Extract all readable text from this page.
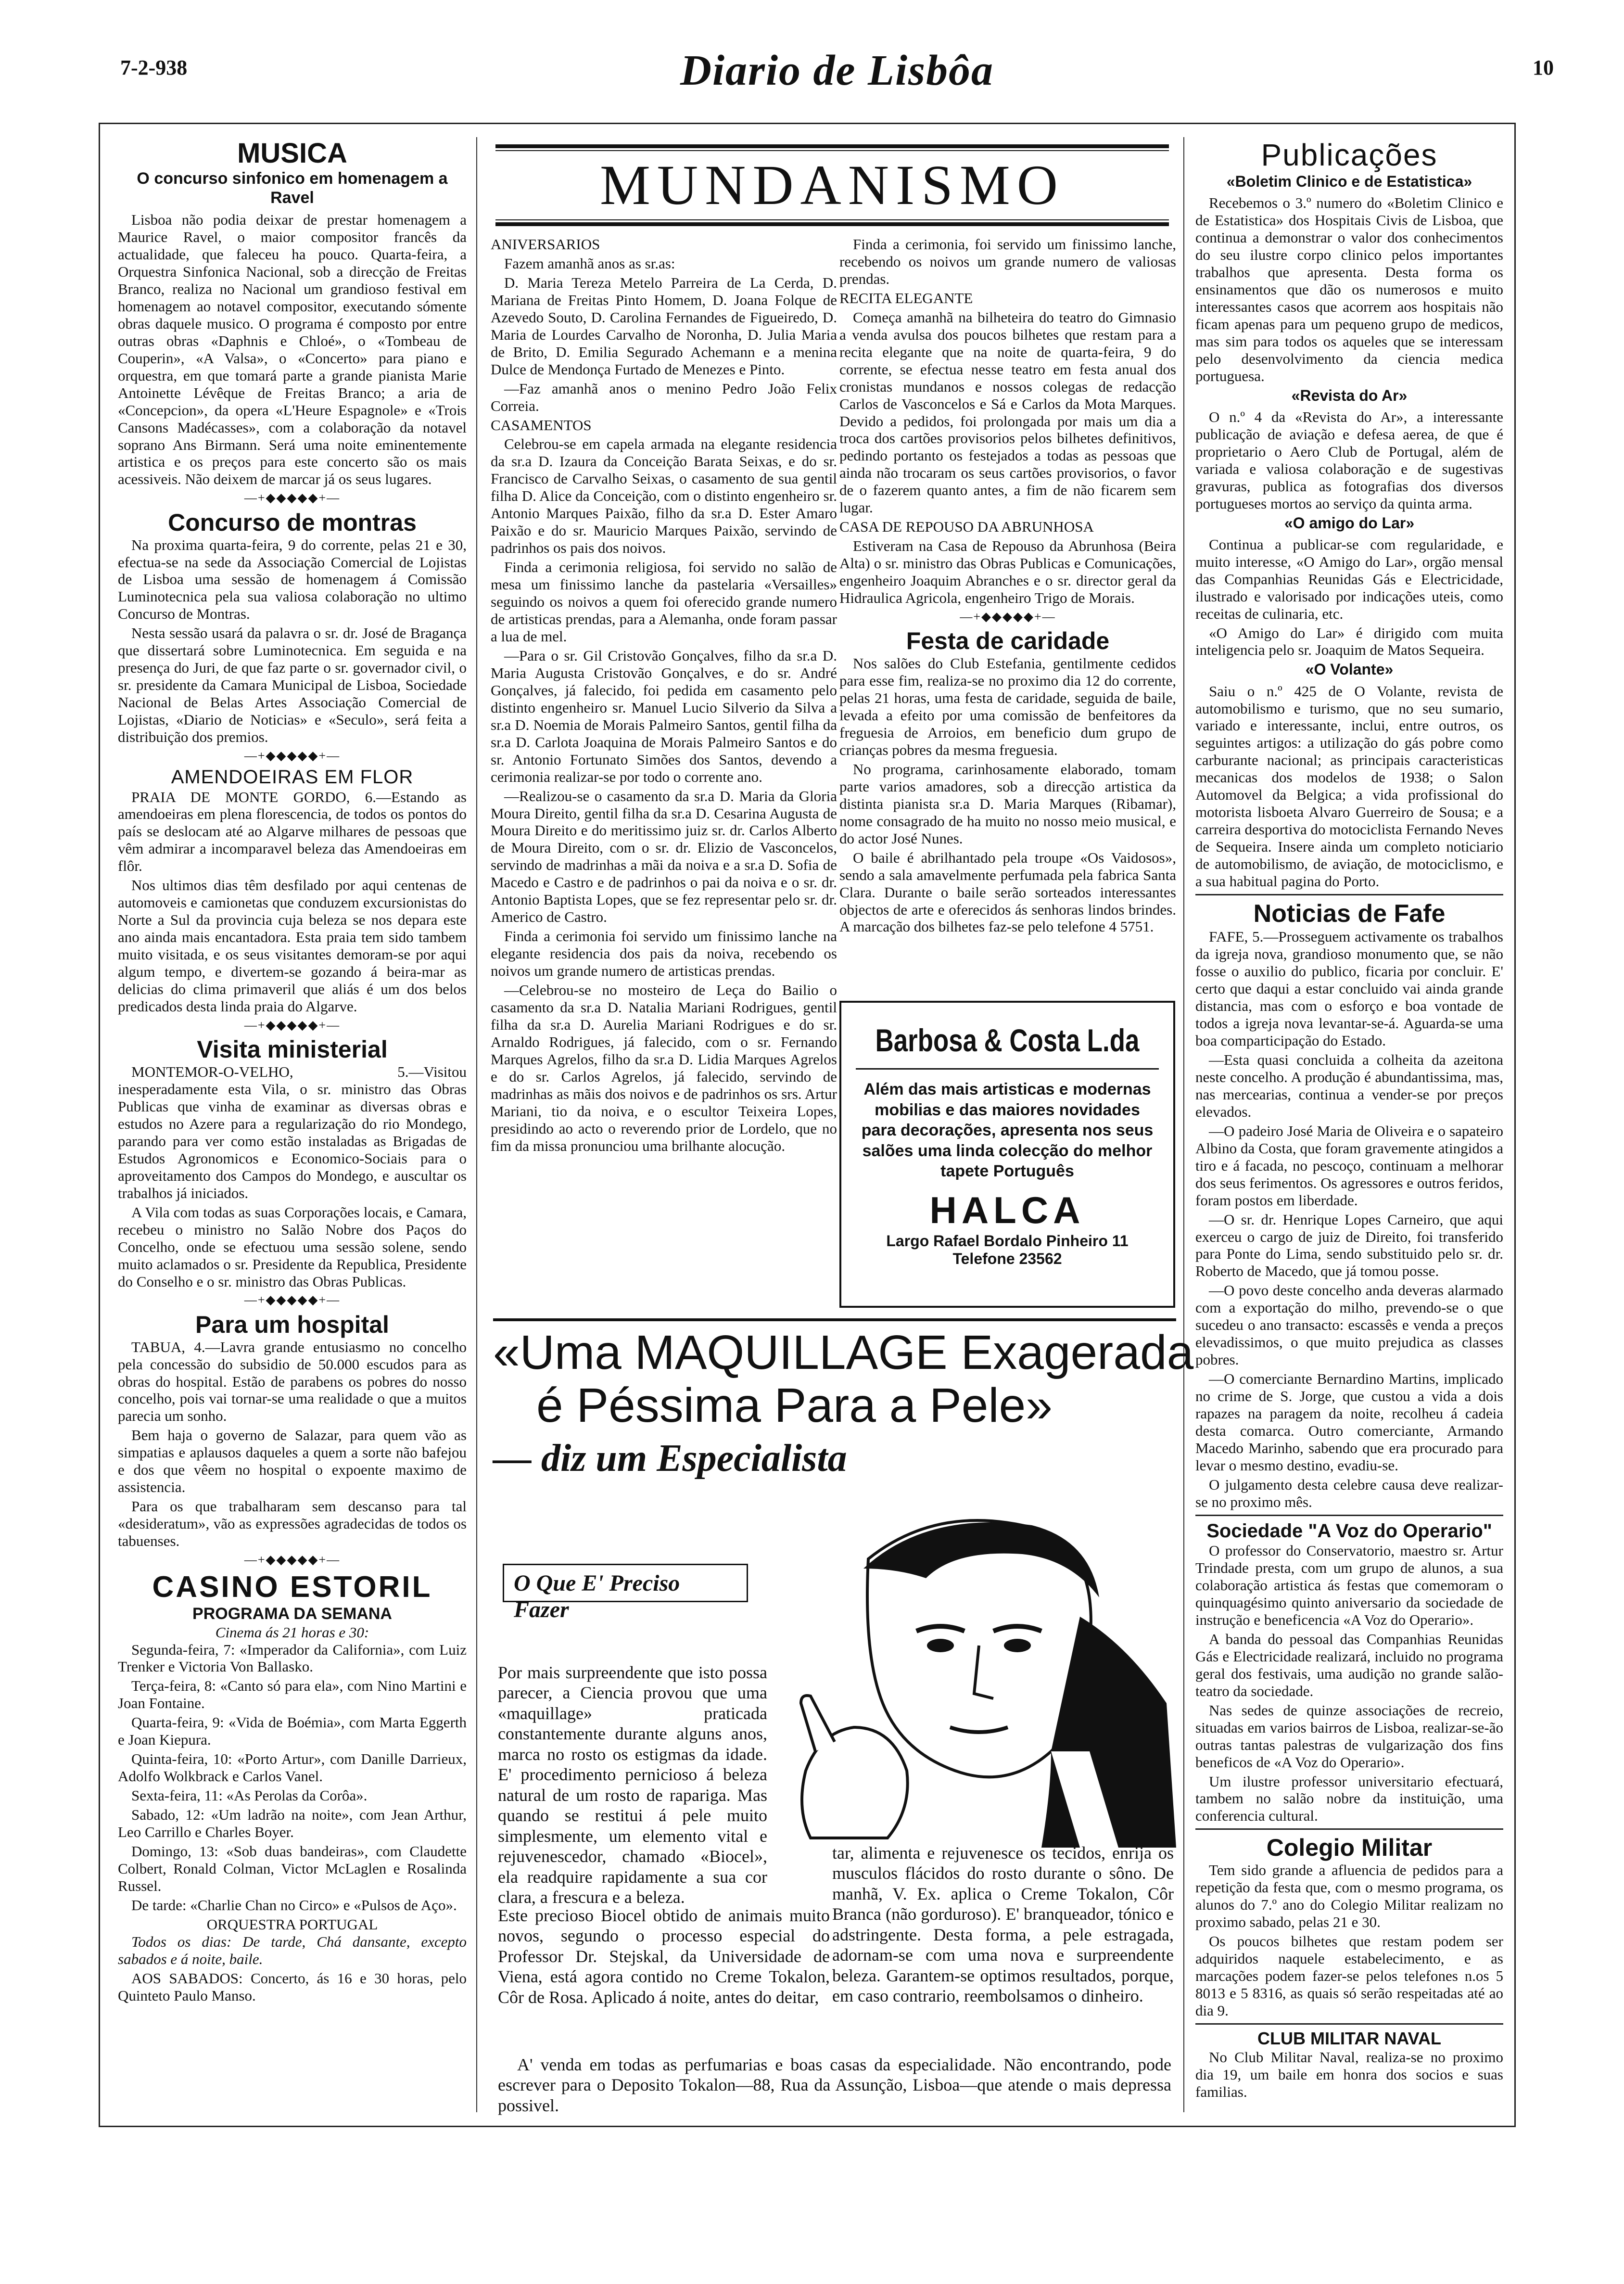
7-2-938	Diario de Lisbôa	10
MUSICA
O concurso sinfonico em homenagem a Ravel

Lisboa não podia deixar de prestar homenagem a Maurice Ravel, o maior compositor francês da actualidade, que faleceu ha pouco. Quarta-feira, a Orquestra Sinfonica Nacional, sob a direcção de Freitas Branco, realiza no Nacional um grandioso festival em homenagem ao notavel compositor, executando sómente obras daquele musico. O programa é composto por entre outras obras «Daphnis e Chloé», o «Tombeau de Couperin», «A Valsa», o «Concerto» para piano e orquestra, em que tomará parte a grande pianista Marie Antoinette Lévêque de Freitas Branco; a aria de «Concepcion», da opera «L'Heure Espagnole» e «Trois Cansons Madécasses», com a colaboração da notavel soprano Ans Birmann. Será uma noite eminentemente artistica e os preços para este concerto são os mais acessiveis. Não deixem de marcar já os seus lugares.

—+◆◆◆◆◆+—
Concurso de montras

Na proxima quarta-feira, 9 do corrente, pelas 21 e 30, efectua-se na sede da Associação Comercial de Lojistas de Lisboa uma sessão de homenagem á Comissão Luminotecnica pela sua valiosa colaboração no ultimo Concurso de Montras.

Nesta sessão usará da palavra o sr. dr. José de Bragança que dissertará sobre Luminotecnica. Em seguida e na presença do Juri, de que faz parte o sr. governador civil, o sr. presidente da Camara Municipal de Lisboa, Sociedade Nacional de Belas Artes Associação Comercial de Lojistas, «Diario de Noticias» e «Seculo», será feita a distribuição dos premios.

—+◆◆◆◆◆+—
AMENDOEIRAS EM FLOR

PRAIA DE MONTE GORDO, 6.—Estando as amendoeiras em plena florescencia, de todos os pontos do país se deslocam até ao Algarve milhares de pessoas que vêm admirar a incomparavel beleza das Amendoeiras em flôr.

Nos ultimos dias têm desfilado por aqui centenas de automoveis e camionetas que conduzem excursionistas do Norte a Sul da provincia cuja beleza se nos depara este ano ainda mais encantadora. Esta praia tem sido tambem muito visitada, e os seus visitantes demoram-se por aqui algum tempo, e divertem-se gozando á beira-mar as delicias do clima primaveril que aliás é um dos belos predicados desta linda praia do Algarve.

—+◆◆◆◆◆+—
Visita ministerial

MONTEMOR-O-VELHO, 5.—Visitou inesperadamente esta Vila, o sr. ministro das Obras Publicas que vinha de examinar as diversas obras e estudos no Azere para a regularização do rio Mondego, parando para ver como estão instaladas as Brigadas de Estudos Agronomicos e Economico-Sociais para o aproveitamento dos Campos do Mondego, e auscultar os trabalhos já iniciados.

A Vila com todas as suas Corporações locais, e Camara, recebeu o ministro no Salão Nobre dos Paços do Concelho, onde se efectuou uma sessão solene, sendo muito aclamados o sr. Presidente da Republica, Presidente do Conselho e o sr. ministro das Obras Publicas.

—+◆◆◆◆◆+—
Para um hospital

TABUA, 4.—Lavra grande entusiasmo no concelho pela concessão do subsidio de 50.000 escudos para as obras do hospital. Estão de parabens os pobres do nosso concelho, pois vai tornar-se uma realidade o que a muitos parecia um sonho.

Bem haja o governo de Salazar, para quem vão as simpatias e aplausos daqueles a quem a sorte não bafejou e dos que vêem no hospital o expoente maximo de assistencia.

Para os que trabalharam sem descanso para tal «desideratum», vão as expressões agradecidas de todos os tabuenses.

—+◆◆◆◆◆+—
CASINO ESTORIL
PROGRAMA DA SEMANA
Cinema ás 21 horas e 30:

Segunda-feira, 7: «Imperador da California», com Luiz Trenker e Victoria Von Ballasko.

Terça-feira, 8: «Canto só para ela», com Nino Martini e Joan Fontaine.

Quarta-feira, 9: «Vida de Boémia», com Marta Eggerth e Joan Kiepura.

Quinta-feira, 10: «Porto Artur», com Danille Darrieux, Adolfo Wolkbrack e Carlos Vanel.

Sexta-feira, 11: «As Perolas da Corôa».

Sabado, 12: «Um ladrão na noite», com Jean Arthur, Leo Carrillo e Charles Boyer.

Domingo, 13: «Sob duas bandeiras», com Claudette Colbert, Ronald Colman, Victor McLaglen e Rosalinda Russel.

De tarde: «Charlie Chan no Circo» e «Pulsos de Aço».

ORQUESTRA PORTUGAL

Todos os dias: De tarde, Chá dansante, excepto sabados e á noite, baile.

AOS SABADOS: Concerto, ás 16 e 30 horas, pelo Quinteto Paulo Manso.

MUNDANISMO

ANIVERSARIOS

Fazem amanhã anos as sr.as:

D. Maria Tereza Metelo Parreira de La Cerda, D. Mariana de Freitas Pinto Homem, D. Joana Folque de Azevedo Souto, D. Carolina Fernandes de Figueiredo, D. Maria de Lourdes Carvalho de Noronha, D. Julia Maria de Brito, D. Emilia Segurado Achemann e a menina Dulce de Mendonça Furtado de Menezes e Pinto.

—Faz amanhã anos o menino Pedro João Felix Correia.

CASAMENTOS

Celebrou-se em capela armada na elegante residencia da sr.a D. Izaura da Conceição Barata Seixas, e do sr. Francisco de Carvalho Seixas, o casamento de sua gentil filha D. Alice da Conceição, com o distinto engenheiro sr. Antonio Marques Paixão, filho da sr.a D. Ester Amaro Paixão e do sr. Mauricio Marques Paixão, servindo de padrinhos os pais dos noivos.

Finda a cerimonia religiosa, foi servido no salão de mesa um finissimo lanche da pastelaria «Versailles» seguindo os noivos a quem foi oferecido grande numero de artisticas prendas, para a Alemanha, onde foram passar a lua de mel.

—Para o sr. Gil Cristovão Gonçalves, filho da sr.a D. Maria Augusta Cristovão Gonçalves, e do sr. André Gonçalves, já falecido, foi pedida em casamento pelo distinto engenheiro sr. Manuel Lucio Silverio da Silva a sr.a D. Noemia de Morais Palmeiro Santos, gentil filha da sr.a D. Carlota Joaquina de Morais Palmeiro Santos e do sr. Antonio Fortunato Simões dos Santos, devendo a cerimonia realizar-se por todo o corrente ano.

—Realizou-se o casamento da sr.a D. Maria da Gloria Moura Direito, gentil filha da sr.a D. Cesarina Augusta de Moura Direito e do meritissimo juiz sr. dr. Carlos Alberto de Moura Direito, com o sr. dr. Elizio de Vasconcelos, servindo de madrinhas a mãi da noiva e a sr.a D. Sofia de Macedo e Castro e de padrinhos o pai da noiva e o sr. dr. Antonio Baptista Lopes, que se fez representar pelo sr. dr. Americo de Castro.

Finda a cerimonia foi servido um finissimo lanche na elegante residencia dos pais da noiva, recebendo os noivos um grande numero de artisticas prendas.

—Celebrou-se no mosteiro de Leça do Bailio o casamento da sr.a D. Natalia Mariani Rodrigues, gentil filha da sr.a D. Aurelia Mariani Rodrigues e do sr. Arnaldo Rodrigues, já falecido, com o sr. Fernando Marques Agrelos, filho da sr.a D. Lidia Marques Agrelos e do sr. Carlos Agrelos, já falecido, servindo de madrinhas as mãis dos noivos e de padrinhos os srs. Artur Mariani, tio da noiva, e o escultor Teixeira Lopes, presidindo ao acto o reverendo prior de Lordelo, que no fim da missa pronunciou uma brilhante alocução.

Finda a cerimonia, foi servido um finissimo lanche, recebendo os noivos um grande numero de valiosas prendas.

RECITA ELEGANTE

Começa amanhã na bilheteira do teatro do Gimnasio a venda avulsa dos poucos bilhetes que restam para a recita elegante que na noite de quarta-feira, 9 do corrente, se efectua nesse teatro em festa anual dos cronistas mundanos e nossos colegas de redacção Carlos de Vasconcelos e Sá e Carlos da Mota Marques. Devido a pedidos, foi prolongada por mais um dia a troca dos cartões provisorios pelos bilhetes definitivos, pedindo portanto os festejados a todas as pessoas que ainda não trocaram os seus cartões provisorios, o favor de o fazerem quanto antes, a fim de não ficarem sem lugar.

CASA DE REPOUSO DA ABRUNHOSA

Estiveram na Casa de Repouso da Abrunhosa (Beira Alta) o sr. ministro das Obras Publicas e Comunicações, engenheiro Joaquim Abranches e o sr. director geral da Hidraulica Agricola, engenheiro Trigo de Morais.

—+◆◆◆◆◆+—
Festa de caridade

Nos salões do Club Estefania, gentilmente cedidos para esse fim, realiza-se no proximo dia 12 do corrente, pelas 21 horas, uma festa de caridade, seguida de baile, levada a efeito por uma comissão de benfeitores da freguesia de Arroios, em beneficio dum grupo de crianças pobres da mesma freguesia.

No programa, carinhosamente elaborado, tomam parte varios amadores, sob a direcção artistica da distinta pianista sr.a D. Maria Marques (Ribamar), nome consagrado de ha muito no nosso meio musical, e do actor José Nunes.

O baile é abrilhantado pela troupe «Os Vaidosos», sendo a sala amavelmente perfumada pela fabrica Santa Clara. Durante o baile serão sorteados interessantes objectos de arte e oferecidos ás senhoras lindos brindes. A marcação dos bilhetes faz-se pelo telefone 4 5751.

Barbosa & Costa L.da
Além das mais artisticas e modernas mobilias e das maiores novidades para decorações, apresenta nos seus salões uma linda colecção do melhor tapete Português
HALCA
Largo Rafael Bordalo Pinheiro 11
Telefone 23562
«Uma MAQUILLAGE Exagerada
é Péssima Para a Pele»
— diz um Especialista
O Que E' Preciso Fazer
Por mais surpreendente que isto possa parecer, a Ciencia provou que uma «maquillage» praticada constantemente durante alguns anos, marca no rosto os estigmas da idade. E' procedimento pernicioso á beleza natural de um rosto de rapariga. Mas quando se restitui á pele muito simplesmente, um elemento vital e rejuvenescedor, chamado «Biocel», ela readquire rapidamente a sua cor clara, a frescura e a beleza.
tar, alimenta e rejuvenesce os tecidos, enrija os musculos flácidos do rosto durante o sôno. De manhã, V. Ex. aplica o Creme Tokalon, Côr Branca (não gorduroso). E' branqueador, tónico e adstringente. Desta forma, a pele estragada, adornam-se com uma nova e surpreendente beleza. Garantem-se optimos resultados, porque, em caso contrario, reembolsamos o dinheiro.
Este precioso Biocel obtido de animais muito novos, segundo o processo especial do Professor Dr. Stejskal, da Universidade de Viena, está agora contido no Creme Tokalon, Côr de Rosa. Aplicado á noite, antes do deitar,
A' venda em todas as perfumarias e boas casas da especialidade. Não encontrando, pode escrever para o Deposito Tokalon—88, Rua da Assunção, Lisboa—que atende o mais depressa possivel.
Publicações
«Boletim Clinico e de Estatistica»

Recebemos o 3.º numero do «Boletim Clinico e de Estatistica» dos Hospitais Civis de Lisboa, que continua a demonstrar o valor dos conhecimentos do seu ilustre corpo clinico pelos importantes trabalhos que apresenta. Desta forma os ensinamentos que dão os numerosos e muito interessantes casos que acorrem aos hospitais não ficam apenas para um pequeno grupo de medicos, mas sim para todos os aqueles que se interessam pelo desenvolvimento da ciencia medica portuguesa.

«Revista do Ar»

O n.º 4 da «Revista do Ar», a interessante publicação de aviação e defesa aerea, de que é proprietario o Aero Club de Portugal, além de variada e valiosa colaboração e de sugestivas gravuras, publica as fotografias dos diversos portugueses mortos ao serviço da quinta arma.

«O amigo do Lar»

Continua a publicar-se com regularidade, e muito interesse, «O Amigo do Lar», orgão mensal das Companhias Reunidas Gás e Electricidade, ilustrado e valorisado por indicações uteis, como receitas de culinaria, etc.

«O Amigo do Lar» é dirigido com muita inteligencia pelo sr. Joaquim de Matos Sequeira.

«O Volante»

Saiu o n.º 425 de O Volante, revista de automobilismo e turismo, que no seu sumario, variado e interessante, inclui, entre outros, os seguintes artigos: a utilização do gás pobre como carburante nacional; as principais caracteristicas mecanicas dos modelos de 1938; o Salon Automovel da Belgica; a vida profissional do motorista lisboeta Alvaro Guerreiro de Sousa; e a carreira desportiva do motociclista Fernando Neves de Sequeira. Insere ainda um completo noticiario de automobilismo, de aviação, de motociclismo, e a sua habitual pagina do Porto.

Noticias de Fafe

FAFE, 5.—Prosseguem activamente os trabalhos da igreja nova, grandioso monumento que, se não fosse o auxilio do publico, ficaria por concluir. E' certo que daqui a estar concluido vai ainda grande distancia, mas com o esforço e boa vontade de todos a igreja nova levantar-se-á. Aguarda-se uma boa comparticipação do Estado.

—Esta quasi concluida a colheita da azeitona neste concelho. A produção é abundantissima, mas, nas mercearias, continua a vender-se por preços elevados.

—O padeiro José Maria de Oliveira e o sapateiro Albino da Costa, que foram gravemente atingidos a tiro e á facada, no pescoço, continuam a melhorar dos seus ferimentos. Os agressores e outros feridos, foram postos em liberdade.

—O sr. dr. Henrique Lopes Carneiro, que aqui exerceu o cargo de juiz de Direito, foi transferido para Ponte do Lima, sendo substituido pelo sr. dr. Roberto de Macedo, que já tomou posse.

—O povo deste concelho anda deveras alarmado com a exportação do milho, prevendo-se o que sucedeu o ano transacto: escassês e venda a preços elevadissimos, o que muito prejudica as classes pobres.

—O comerciante Bernardino Martins, implicado no crime de S. Jorge, que custou a vida a dois rapazes na paragem da noite, recolheu á cadeia desta comarca. Outro comerciante, Armando Macedo Marinho, sabendo que era procurado para levar o mesmo destino, evadiu-se.

O julgamento desta celebre causa deve realizar-se no proximo mês.

Sociedade "A Voz do Operario"

O professor do Conservatorio, maestro sr. Artur Trindade presta, com um grupo de alunos, a sua colaboração artistica ás festas que comemoram o quinquagésimo quinto aniversario da sociedade de instrução e beneficencia «A Voz do Operario».

A banda do pessoal das Companhias Reunidas Gás e Electricidade realizará, incluido no programa geral dos festivais, uma audição no grande salão-teatro da sociedade.

Nas sedes de quinze associações de recreio, situadas em varios bairros de Lisboa, realizar-se-ão outras tantas palestras de vulgarização dos fins beneficos de «A Voz do Operario».

Um ilustre professor universitario efectuará, tambem no salão nobre da instituição, uma conferencia cultural.

Colegio Militar

Tem sido grande a afluencia de pedidos para a repetição da festa que, com o mesmo programa, os alunos do 7.º ano do Colegio Militar realizam no proximo sabado, pelas 21 e 30.

Os poucos bilhetes que restam podem ser adquiridos naquele estabelecimento, e as marcações podem fazer-se pelos telefones n.os 5 8013 e 5 8316, as quais só serão respeitadas até ao dia 9.

CLUB MILITAR NAVAL

No Club Militar Naval, realiza-se no proximo dia 19, um baile em honra dos socios e suas familias.
